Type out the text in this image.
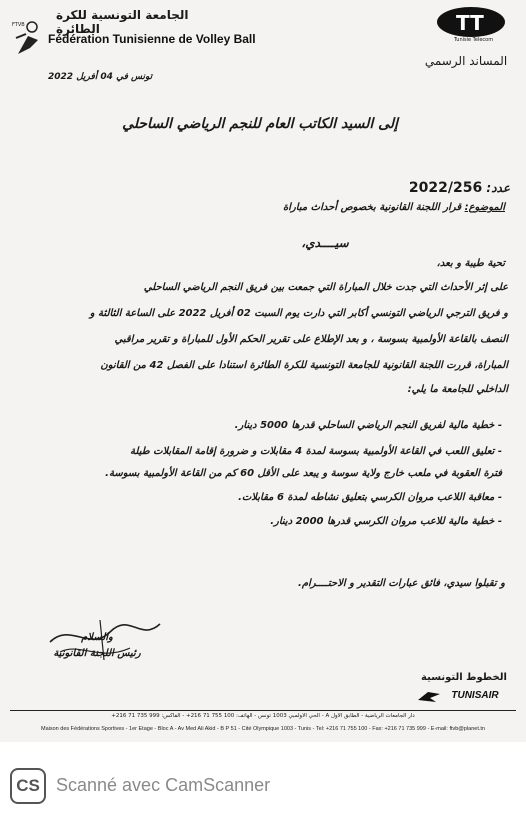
FTVB
الجامعة التونسية للكرة الطائرة
Fédération Tunisienne de Volley Ball
تونس في 04 أفريل 2022
TT
Tunisie Telecom
المساند الرسمي
إلى السيد الكاتب العام للنجم الرياضي الساحلي
عدد: 2022/256
الموضوع: قرار اللجنة القانونية بخصوص أحداث مباراة
سيــــدي،
تحية طيبة و بعد،
على إثر الأحداث التي جدت خلال المباراة التي جمعت بين فريق النجم الرياضي الساحلي
و فريق الترجي الرياضي التونسي أكابر التي دارت يوم السبت 02 أفريل 2022 على الساعة الثالثة و
النصف بالقاعة الأولمبية بسوسة ، و بعد الإطلاع على تقرير الحكم الأول للمباراة و تقرير مراقبي
المباراة، قررت اللجنة القانونية للجامعة التونسية للكرة الطائرة استنادا على الفصل 42 من القانون
الداخلي للجامعة ما يلي:
- خطية مالية لفريق النجم الرياضي الساحلي قدرها 5000 دينار.
- تعليق اللعب في القاعة الأولمبية بسوسة لمدة 4 مقابلات و ضرورة إقامة المقابلات طيلة
فترة العقوبة في ملعب خارج ولاية سوسة و يبعد على الأقل 60 كم من القاعة الأولمبية بسوسة.
- معاقبة اللاعب مروان الكرسي بتعليق نشاطه لمدة 6 مقابلات.
- خطية مالية للاعب مروان الكرسي قدرها 2000 دينار.
و تقبلوا سيدي، فائق عبارات التقدير و الاحتــــرام.
والسلام
رئيس اللجنة القانونية
الخطوط التونسية
TUNISAIR
دار الجامعات الرياضية - الطابق الأول A - الحي الأولمبي 1003 تونس - الهاتف: 100 755 71 216+ - الفاكس: 999 735 71 216+
Maison des Fédérations Sportives - 1er Etage - Bloc A - Av Med Ali Akid - B P 51 - Cité Olympique 1003 - Tunis - Tel: +216 71 755 100 - Fax: +216 71 735 999 - E-mail: ftvb@planet.tn
CS Scanné avec CamScanner
